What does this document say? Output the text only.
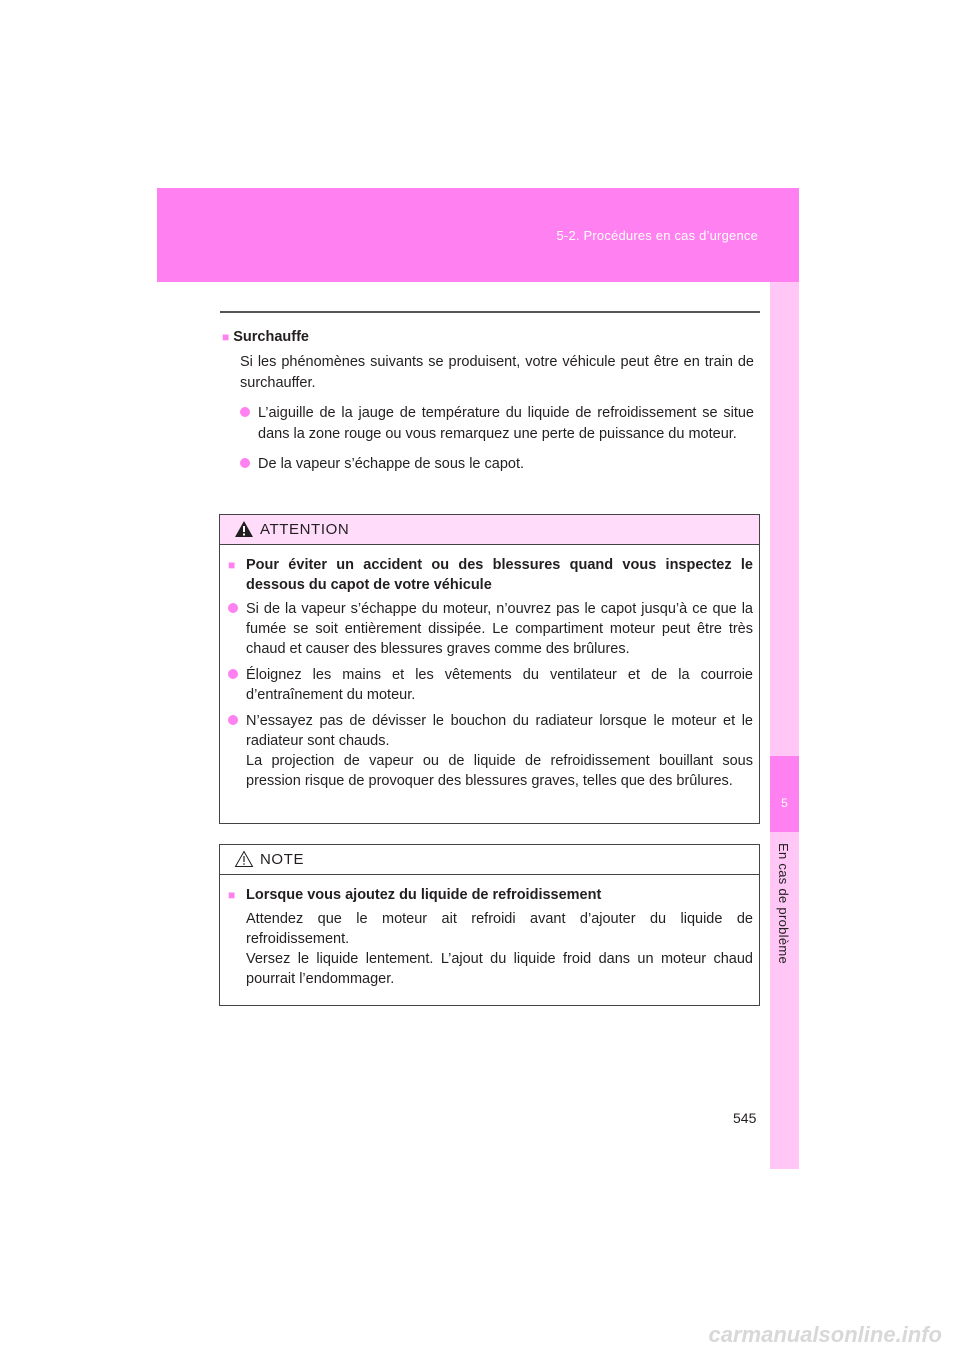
5-2. Procédures en cas d’urgence
5
En cas de problème
■ Surchauffe
Si les phénomènes suivants se produisent, votre véhicule peut être en train de surchauffer.
L’aiguille de la jauge de température du liquide de refroidissement se situe dans la zone rouge ou vous remarquez une perte de puissance du moteur.
De la vapeur s’échappe de sous le capot.
ATTENTION
■ Pour éviter un accident ou des blessures quand vous inspectez le dessous du capot de votre véhicule
Si de la vapeur s’échappe du moteur, n’ouvrez pas le capot jusqu’à ce que la fumée se soit entièrement dissipée. Le compartiment moteur peut être très chaud et causer des blessures graves comme des brûlures.
Éloignez les mains et les vêtements du ventilateur et de la courroie d’entraînement du moteur.
N’essayez pas de dévisser le bouchon du radiateur lorsque le moteur et le radiateur sont chauds.
La projection de vapeur ou de liquide de refroidissement bouillant sous pression risque de provoquer des blessures graves, telles que des brûlures.
NOTE
■ Lorsque vous ajoutez du liquide de refroidissement
Attendez que le moteur ait refroidi avant d’ajouter du liquide de refroidissement.
Versez le liquide lentement. L’ajout du liquide froid dans un moteur chaud pourrait l’endommager.
545
carmanualsonline.info
